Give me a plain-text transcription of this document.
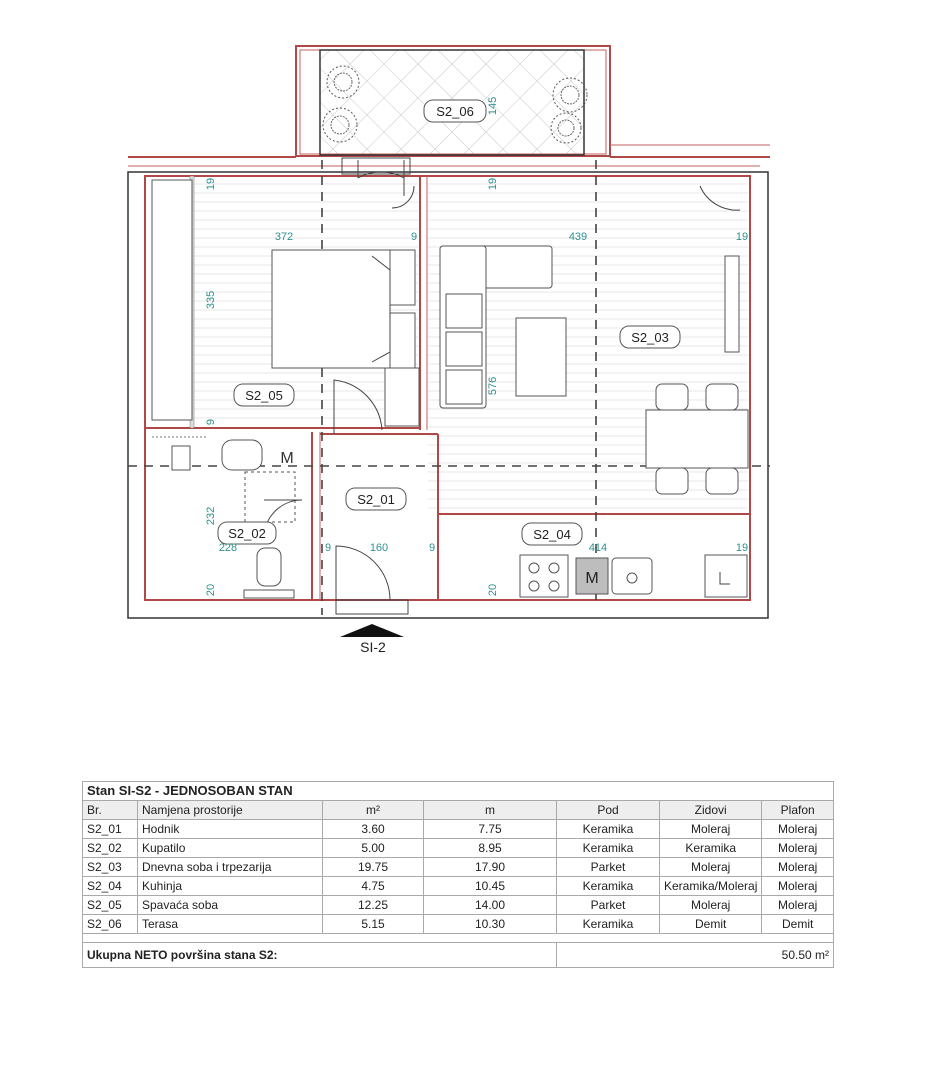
S2_06
S2_05
S2_03
S2_01
S2_02	S2_04
M
M
145
19	19
19
19
372	9	439
335
576
9
232
228	9	160	9	414
20	20
SI-2
Stan SI-S2 - JEDNOSOBAN STAN						
Br.	Namjena prostorije	m²	m	Pod	Zidovi	Plafon
S2_01	Hodnik	3.60	7.75	Keramika	Moleraj	Moleraj
S2_02	Kupatilo	5.00	8.95	Keramika	Keramika	Moleraj
S2_03	Dnevna soba i trpezarija	19.75	17.90	Parket	Moleraj	Moleraj
S2_04	Kuhinja	4.75	10.45	Keramika	Keramika/Moleraj	Moleraj
S2_05	Spavaća soba	12.25	14.00	Parket	Moleraj	Moleraj
S2_06	Terasa	5.15	10.30	Keramika	Demit	Demit

Ukupna NETO površina stana S2:				50.50 m²		
